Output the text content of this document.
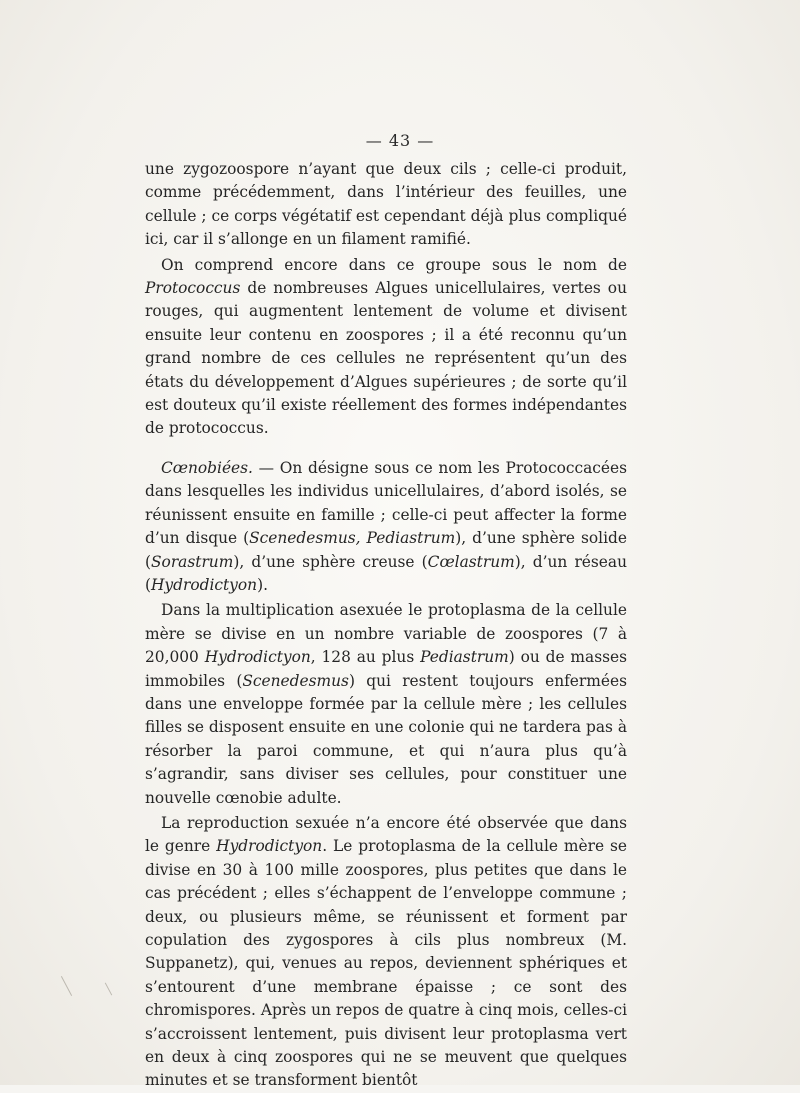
— 43 —

une zygozoospore n’ayant que deux cils ; celle-ci produit, comme précédemment, dans l’intérieur des feuilles, une cellule ; ce corps végétatif est cependant déjà plus compliqué ici, car il s’allonge en un filament ramifié.

On comprend encore dans ce groupe sous le nom de Protococcus de nombreuses Algues unicellulaires, vertes ou rouges, qui augmentent lentement de volume et divisent ensuite leur contenu en zoospores ; il a été reconnu qu’un grand nombre de ces cellules ne représentent qu’un des états du développement d’Algues supérieures ; de sorte qu’il est douteux qu’il existe réellement des formes indépendantes de protococcus.

Cœnobiées. — On désigne sous ce nom les Protococcacées dans lesquelles les individus unicellulaires, d’abord isolés, se réunissent ensuite en famille ; celle-ci peut affecter la forme d’un disque (Scenedesmus, Pediastrum), d’une sphère solide (Sorastrum), d’une sphère creuse (Cœlastrum), d’un réseau (Hydrodictyon).

Dans la multiplication asexuée le protoplasma de la cellule mère se divise en un nombre variable de zoospores (7 à 20,000 Hydrodictyon, 128 au plus Pediastrum) ou de masses immobiles (Scenedesmus) qui restent toujours enfermées dans une enveloppe formée par la cellule mère ; les cellules filles se disposent ensuite en une colonie qui ne tardera pas à résorber la paroi commune, et qui n’aura plus qu’à s’agrandir, sans diviser ses cellules, pour constituer une nouvelle cœnobie adulte.

La reproduction sexuée n’a encore été observée que dans le genre Hydrodictyon. Le protoplasma de la cellule mère se divise en 30 à 100 mille zoospores, plus petites que dans le cas précédent ; elles s’échappent de l’enveloppe commune ; deux, ou plusieurs même, se réunissent et forment par copulation des zygospores à cils plus nombreux (M. Suppanetz), qui, venues au repos, deviennent sphériques et s’entourent d’une membrane épaisse ; ce sont des chromispores. Après un repos de quatre à cinq mois, celles-ci s’accroissent lentement, puis divisent leur protoplasma vert en deux à cinq zoospores qui ne se meuvent que quelques minutes et se transforment bientôt
